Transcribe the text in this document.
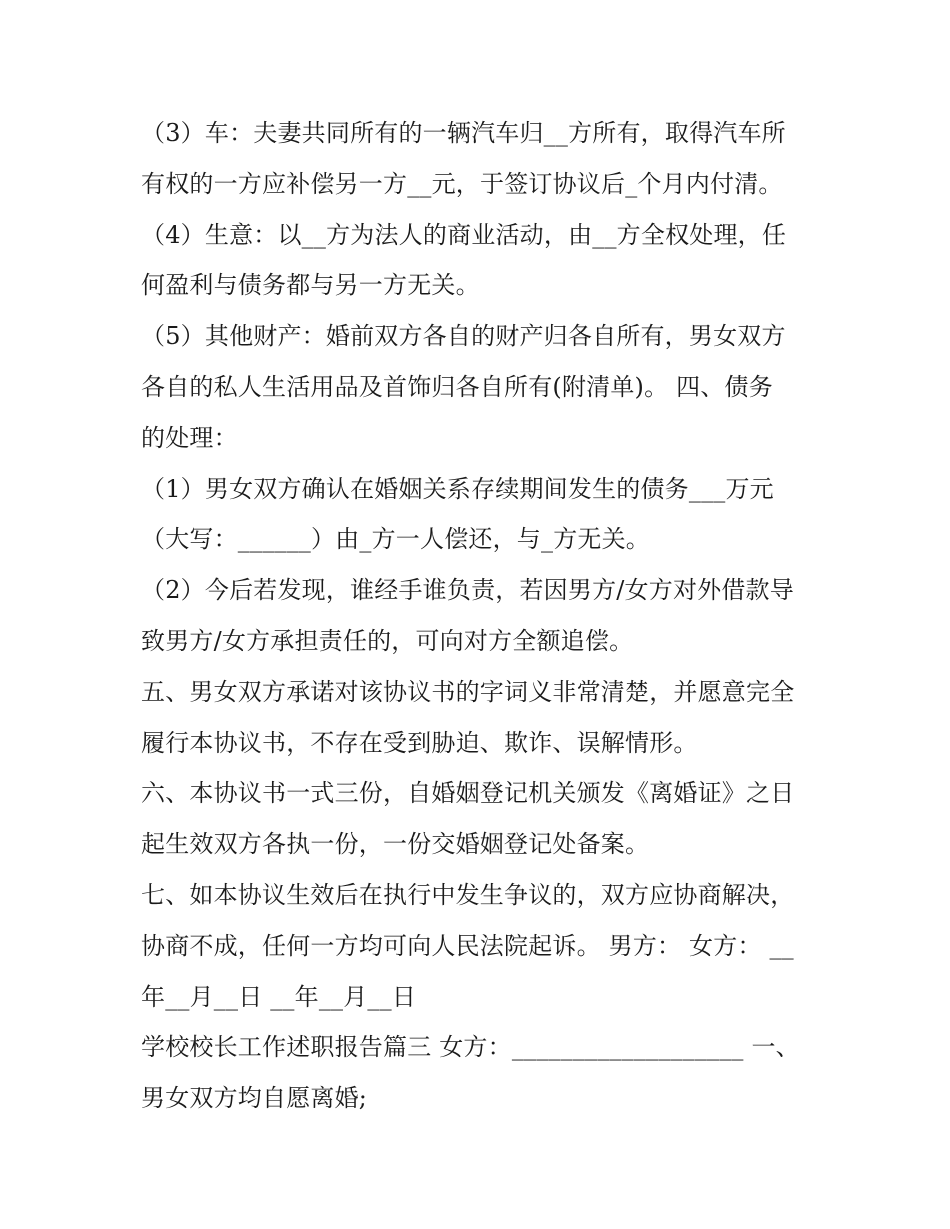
（3）车：夫妻共同所有的一辆汽车归__方所有，取得汽车所
有权的一方应补偿另一方__元，于签订协议后_个月内付清。
（4）生意：以__方为法人的商业活动，由__方全权处理，任
何盈利与债务都与另一方无关。
（5）其他财产：婚前双方各自的财产归各自所有，男女双方
各自的私人生活用品及首饰归各自所有(附清单)。 四、债务
的处理：
（1）男女双方确认在婚姻关系存续期间发生的债务___万元
（大写：______）由_方一人偿还，与_方无关。
（2）今后若发现，谁经手谁负责，若因男方/女方对外借款导
致男方/女方承担责任的，可向对方全额追偿。
五、男女双方承诺对该协议书的字词义非常清楚，并愿意完全
履行本协议书，不存在受到胁迫、欺诈、误解情形。
六、本协议书一式三份，自婚姻登记机关颁发《离婚证》之日
起生效双方各执一份，一份交婚姻登记处备案。
七、如本协议生效后在执行中发生争议的，双方应协商解决，
协商不成，任何一方均可向人民法院起诉。 男方： 女方： __
年__月__日 __年__月__日
学校校长工作述职报告篇三 女方：___________________ 一、
男女双方均自愿离婚;
